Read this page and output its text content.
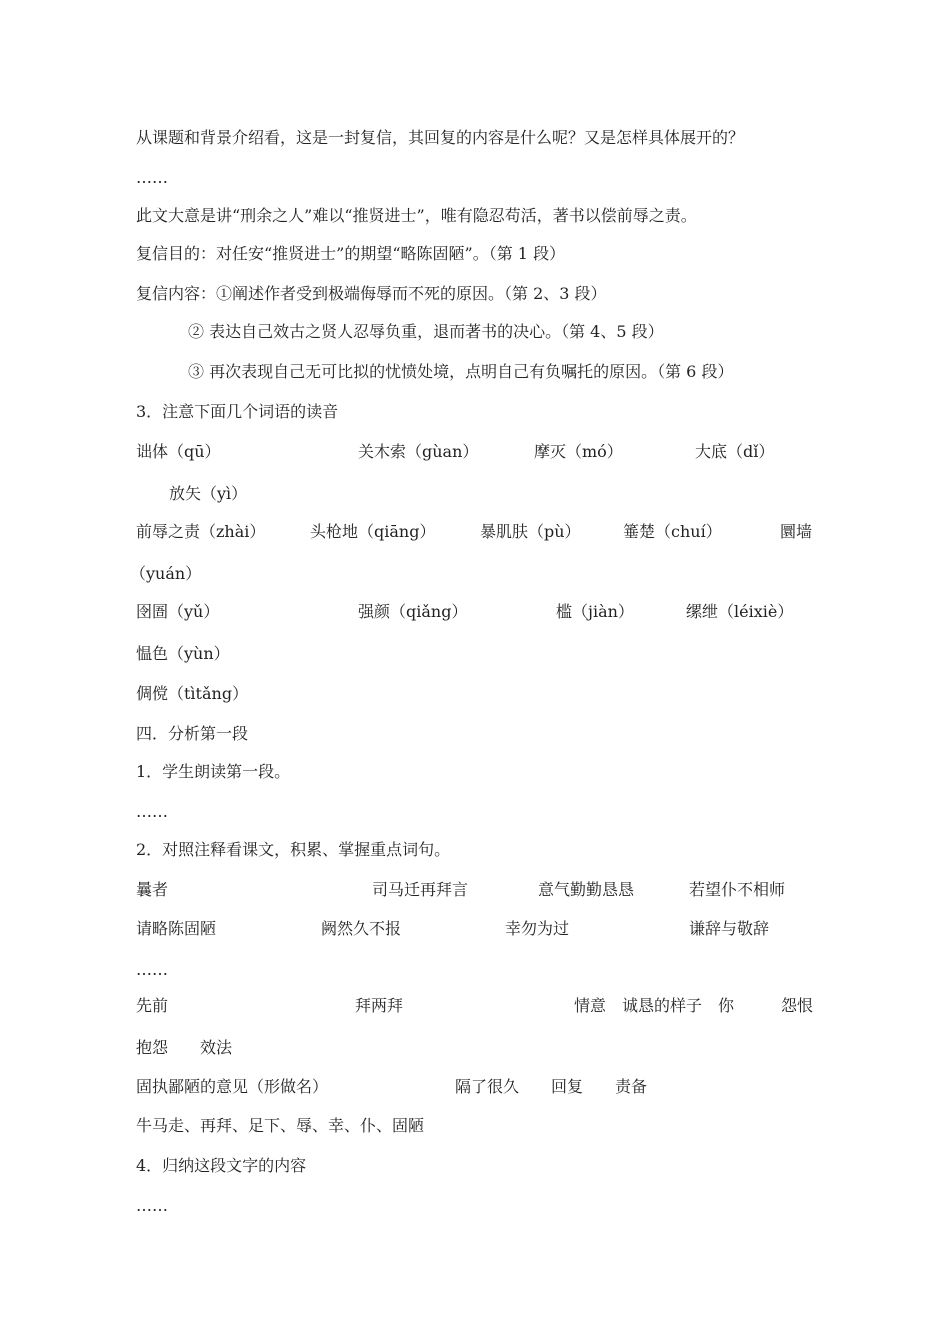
从课题和背景介绍看，这是一封复信，其回复的内容是什么呢？又是怎样具体展开的？
……
此文大意是讲“刑余之人”难以“推贤进士”，唯有隐忍苟活，著书以偿前辱之责。
复信目的：对任安“推贤进士”的期望“略陈固陋”。（第 1 段）
复信内容：①阐述作者受到极端侮辱而不死的原因。（第 2、3 段）
② 表达自己效古之贤人忍辱负重，退而著书的决心。（第 4、5 段）
③ 再次表现自己无可比拟的忧愤处境，点明自己有负嘱托的原因。（第 6 段）
3．注意下面几个词语的读音
诎体（qū）	关木索（gùan）	摩灭（mó）	大底（dǐ）
放矢（yì）
前辱之责（zhài）	头枪地（qiāng）	暴肌肤（pù）	箠楚（chuí）	圜墙
（yuán）
囹圄（yǔ）	强颜（qiǎng）	槛（jiàn）	缧绁（léixiè）
愠色（yùn）
倜傥（tìtǎng）
四．分析第一段
1．学生朗读第一段。
……
2．对照注释看课文，积累、掌握重点词句。
曩者	司马迁再拜言	意气勤勤恳恳	若望仆不相师
请略陈固陋	阙然久不报	幸勿为过	谦辞与敬辞
……
先前	拜两拜	情意　诚恳的样子　你	怨恨
抱怨　　效法
固执鄙陋的意见（形做名）	隔了很久　　回复　　责备
牛马走、再拜、足下、辱、幸、仆、固陋
4．归纳这段文字的内容
……
